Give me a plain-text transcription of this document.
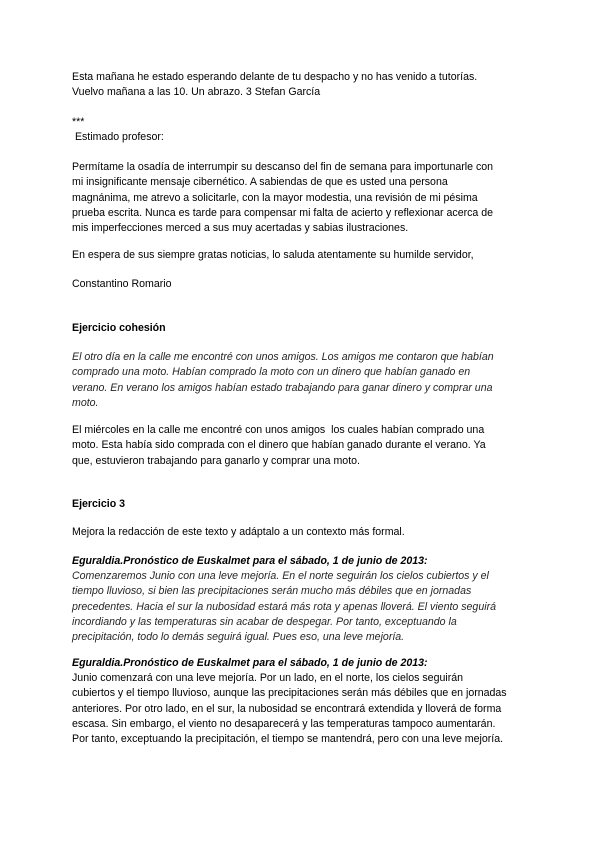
Esta mañana he estado esperando delante de tu despacho y no has venido a tutorías.
Vuelvo mañana a las 10. Un abrazo. 3 Stefan García
***
Estimado profesor:
Permítame la osadía de interrumpir su descanso del fin de semana para importunarle con
mi insignificante mensaje cibernético. A sabiendas de que es usted una persona
magnánima, me atrevo a solicitarle, con la mayor modestia, una revisión de mi pésima
prueba escrita. Nunca es tarde para compensar mi falta de acierto y reflexionar acerca de
mis imperfecciones merced a sus muy acertadas y sabias ilustraciones.
En espera de sus siempre gratas noticias, lo saluda atentamente su humilde servidor,
Constantino Romario
Ejercicio cohesión
El otro día en la calle me encontré con unos amigos. Los amigos me contaron que habían
comprado una moto. Habían comprado la moto con un dinero que habían ganado en
verano. En verano los amigos habían estado trabajando para ganar dinero y comprar una
moto.
El miércoles en la calle me encontré con unos amigos  los cuales habían comprado una
moto. Esta había sido comprada con el dinero que habían ganado durante el verano. Ya
que, estuvieron trabajando para ganarlo y comprar una moto.
Ejercicio 3
Mejora la redacción de este texto y adáptalo a un contexto más formal.
Eguraldia.Pronóstico de Euskalmet para el sábado, 1 de junio de 2013:
Comenzaremos Junio con una leve mejoría. En el norte seguirán los cielos cubiertos y el
tiempo lluvioso, si bien las precipitaciones serán mucho más débiles que en jornadas
precedentes. Hacia el sur la nubosidad estará más rota y apenas lloverá. El viento seguirá
incordiando y las temperaturas sin acabar de despegar. Por tanto, exceptuando la
precipitación, todo lo demás seguirá igual. Pues eso, una leve mejoría.
Eguraldia.Pronóstico de Euskalmet para el sábado, 1 de junio de 2013:
Junio comenzará con una leve mejoría. Por un lado, en el norte, los cielos seguirán
cubiertos y el tiempo lluvioso, aunque las precipitaciones serán más débiles que en jornadas
anteriores. Por otro lado, en el sur, la nubosidad se encontrará extendida y lloverá de forma
escasa. Sin embargo, el viento no desaparecerá y las temperaturas tampoco aumentarán.
Por tanto, exceptuando la precipitación, el tiempo se mantendrá, pero con una leve mejoría.
